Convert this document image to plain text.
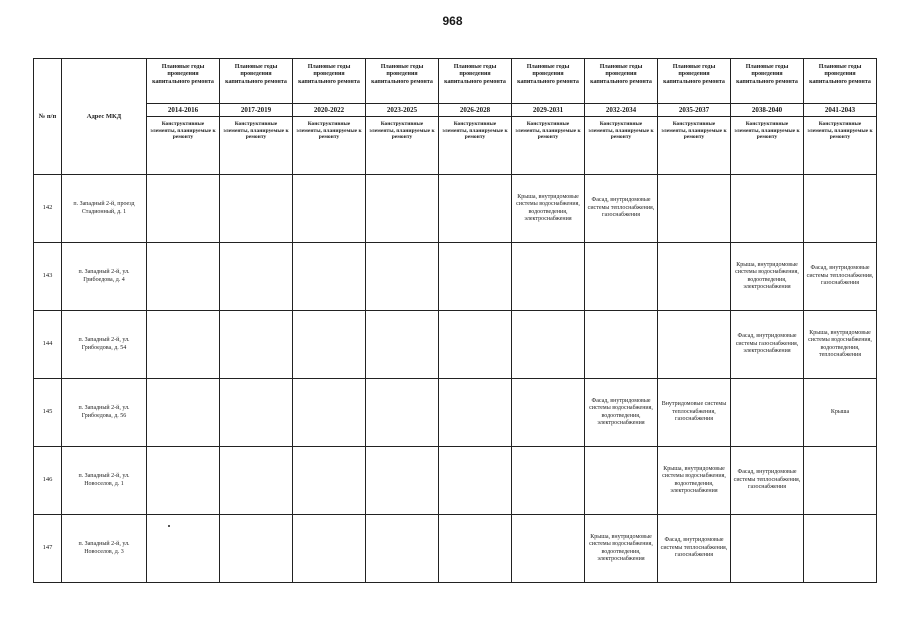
968
№ п/п	Адрес МКД	Плановые годы проведения капитального ремонта	Плановые годы проведения капитального ремонта	Плановые годы проведения капитального ремонта	Плановые годы проведения капитального ремонта	Плановые годы проведения капитального ремонта	Плановые годы проведения капитального ремонта	Плановые годы проведения капитального ремонта	Плановые годы проведения капитального ремонта	Плановые годы проведения капитального ремонта	Плановые годы проведения капитального ремонта
		2014-2016	2017-2019	2020-2022	2023-2025	2026-2028	2029-2031	2032-2034	2035-2037	2038-2040	2041-2043
		Конструктивные элементы, планируемые к ремонту	Конструктивные элементы, планируемые к ремонту	Конструктивные элементы, планируемые к ремонту	Конструктивные элементы, планируемые к ремонту	Конструктивные элементы, планируемые к ремонту	Конструктивные элементы, планируемые к ремонту	Конструктивные элементы, планируемые к ремонту	Конструктивные элементы, планируемые к ремонту	Конструктивные элементы, планируемые к ремонту	Конструктивные элементы, планируемые к ремонту
142	п. Западный 2-й, проезд Стадионный, д. 1						Крыша, внутридомовые системы водоснабжения, водоотведения, электроснабжения	Фасад, внутридомовые системы теплоснабжения, газоснабжения			
143	п. Западный 2-й, ул. Грибоедова, д. 4									Крыша, внутридомовые системы водоснабжения, водоотведения, электроснабжения	Фасад, внутридомовые системы теплоснабжения, газоснабжения
144	п. Западный 2-й, ул. Грибоедова, д. 54									Фасад, внутридомовые системы газоснабжения, электроснабжения	Крыша, внутридомовые системы водоснабжения, водоотведения, теплоснабжения
145	п. Западный 2-й, ул. Грибоедова, д. 56							Фасад, внутридомовые системы водоснабжения, водоотведения, электроснабжения	Внутридомовые системы теплоснабжения, газоснабжения		Крыша
146	п. Западный 2-й, ул. Новоселов, д. 1								Крыша, внутридомовые системы водоснабжения, водоотведения, электроснабжения	Фасад, внутридомовые системы теплоснабжения, газоснабжения	
147	п. Западный 2-й, ул. Новоселов, д. 3							Крыша, внутридомовые системы водоснабжения, водоотведения, электроснабжения	Фасад, внутридомовые системы теплоснабжения, газоснабжения		
